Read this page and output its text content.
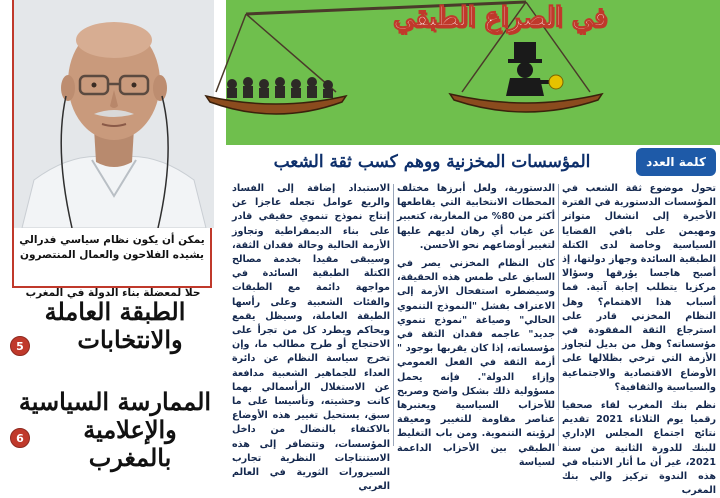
يمكن أن يكون نظام سياسي فدرالي
يشيده الفلاحون والعمال المنتصرون
حلا لمعضلة بناء الدولة في المغرب
الطبقة العاملة
والانتخابات
5
الممارسة السياسية
والإعلامية بالمغرب
6
في الصراع الطبقي
المؤسسات المخزنية ووهم كسب ثقة الشعب	كلمة العدد

تحول موضوع ثقة الشعب في المؤسسات الدستورية في الفترة الأخيرة إلى انشغال متواتر ومهيمن على باقي القضايا السياسية وخاصة لدى الكتلة الطبقية السائدة وجهاز دولتها، إذ أصبح هاجسا يؤرقها وسؤالا مركزيا يتطلب إجابة آنية. فما أسباب هذا الاهتمام؟ وهل النظام المخزني قادر على استرجاع الثقة المفقودة في مؤسساته؟ وهل من بديل لتجاوز الأزمة التي ترخي بظلالها على الأوضاع الاقتصادية والاجتماعية والسياسية والثقافية؟

نظم بنك المغرب لقاء صحفيا رقميا يوم الثلاثاء 2021 تقديم نتائج اجتماع المجلس الإداري للبنك للدورة الثانية من سنة 2021، غير أن ما أثار الانتباه في هذه الندوة تركيز والي بنك المغرب

الدستورية، ولعل أبرزها مختلف المحطات الانتخابية التي يقاطعها أكثر من 80% من المغاربة، كتعبير عن غياب أي رهان لديهم عليها لتغيير أوضاعهم نحو الأحسن.

كان النظام المخزني يصر في السابق على طمس هذه الحقيقة، وسيضطره استفحال الأزمة إلى الاعتراف بفشل "النموذج التنموي الحالي" وصياغة "نموذج تنموي جديد" عاجمه فقدان الثقة في مؤسساته، إذا كان يقربها بوجود " أزمة الثقة في الفعل العمومي وإزاء الدولة". فإنه يحمل مسؤولية ذلك بشكل واضح وصريح للأحزاب السياسية ويعتبرها عناصر مقاومة للتغيير ومعيقة لرؤيته التنموية. ومن باب التغليط الطبقي بين الأحزاب الداعمة لسياسة

الاستبداد إضافة إلى الفساد والريع عوامل تجعله عاجزا عن إنتاج نموذج تنموي حقيقي قادر على بناء الديمقراطية وتجاوز الأزمة الحالية وحالة فقدان الثقة، وسيبقى مقيدا بخدمة مصالح الكتلة الطبقية السائدة في مواجهة دائمة مع الطبقات والفئات الشعبية وعلى رأسها الطبقة العاملة، وسيظل يقمع ويحاكم ويطرد كل من تجرأ على الاحتجاج أو طرح مطالب ما، وإن تخرج سياسة النظام عن دائرة العداء للجماهير الشعبية مدافعة عن الاستغلال الرأسمالي بهما كانت وحشيته، وتأسيسا على ما سبق، يستحيل تغيير هذه الأوضاع بالاكتفاء بالنضال من داخل المؤسسات، وتتضافر إلى هذه الاستنتاجات النظرية تجارب السيرورات الثورية في العالم العربي
